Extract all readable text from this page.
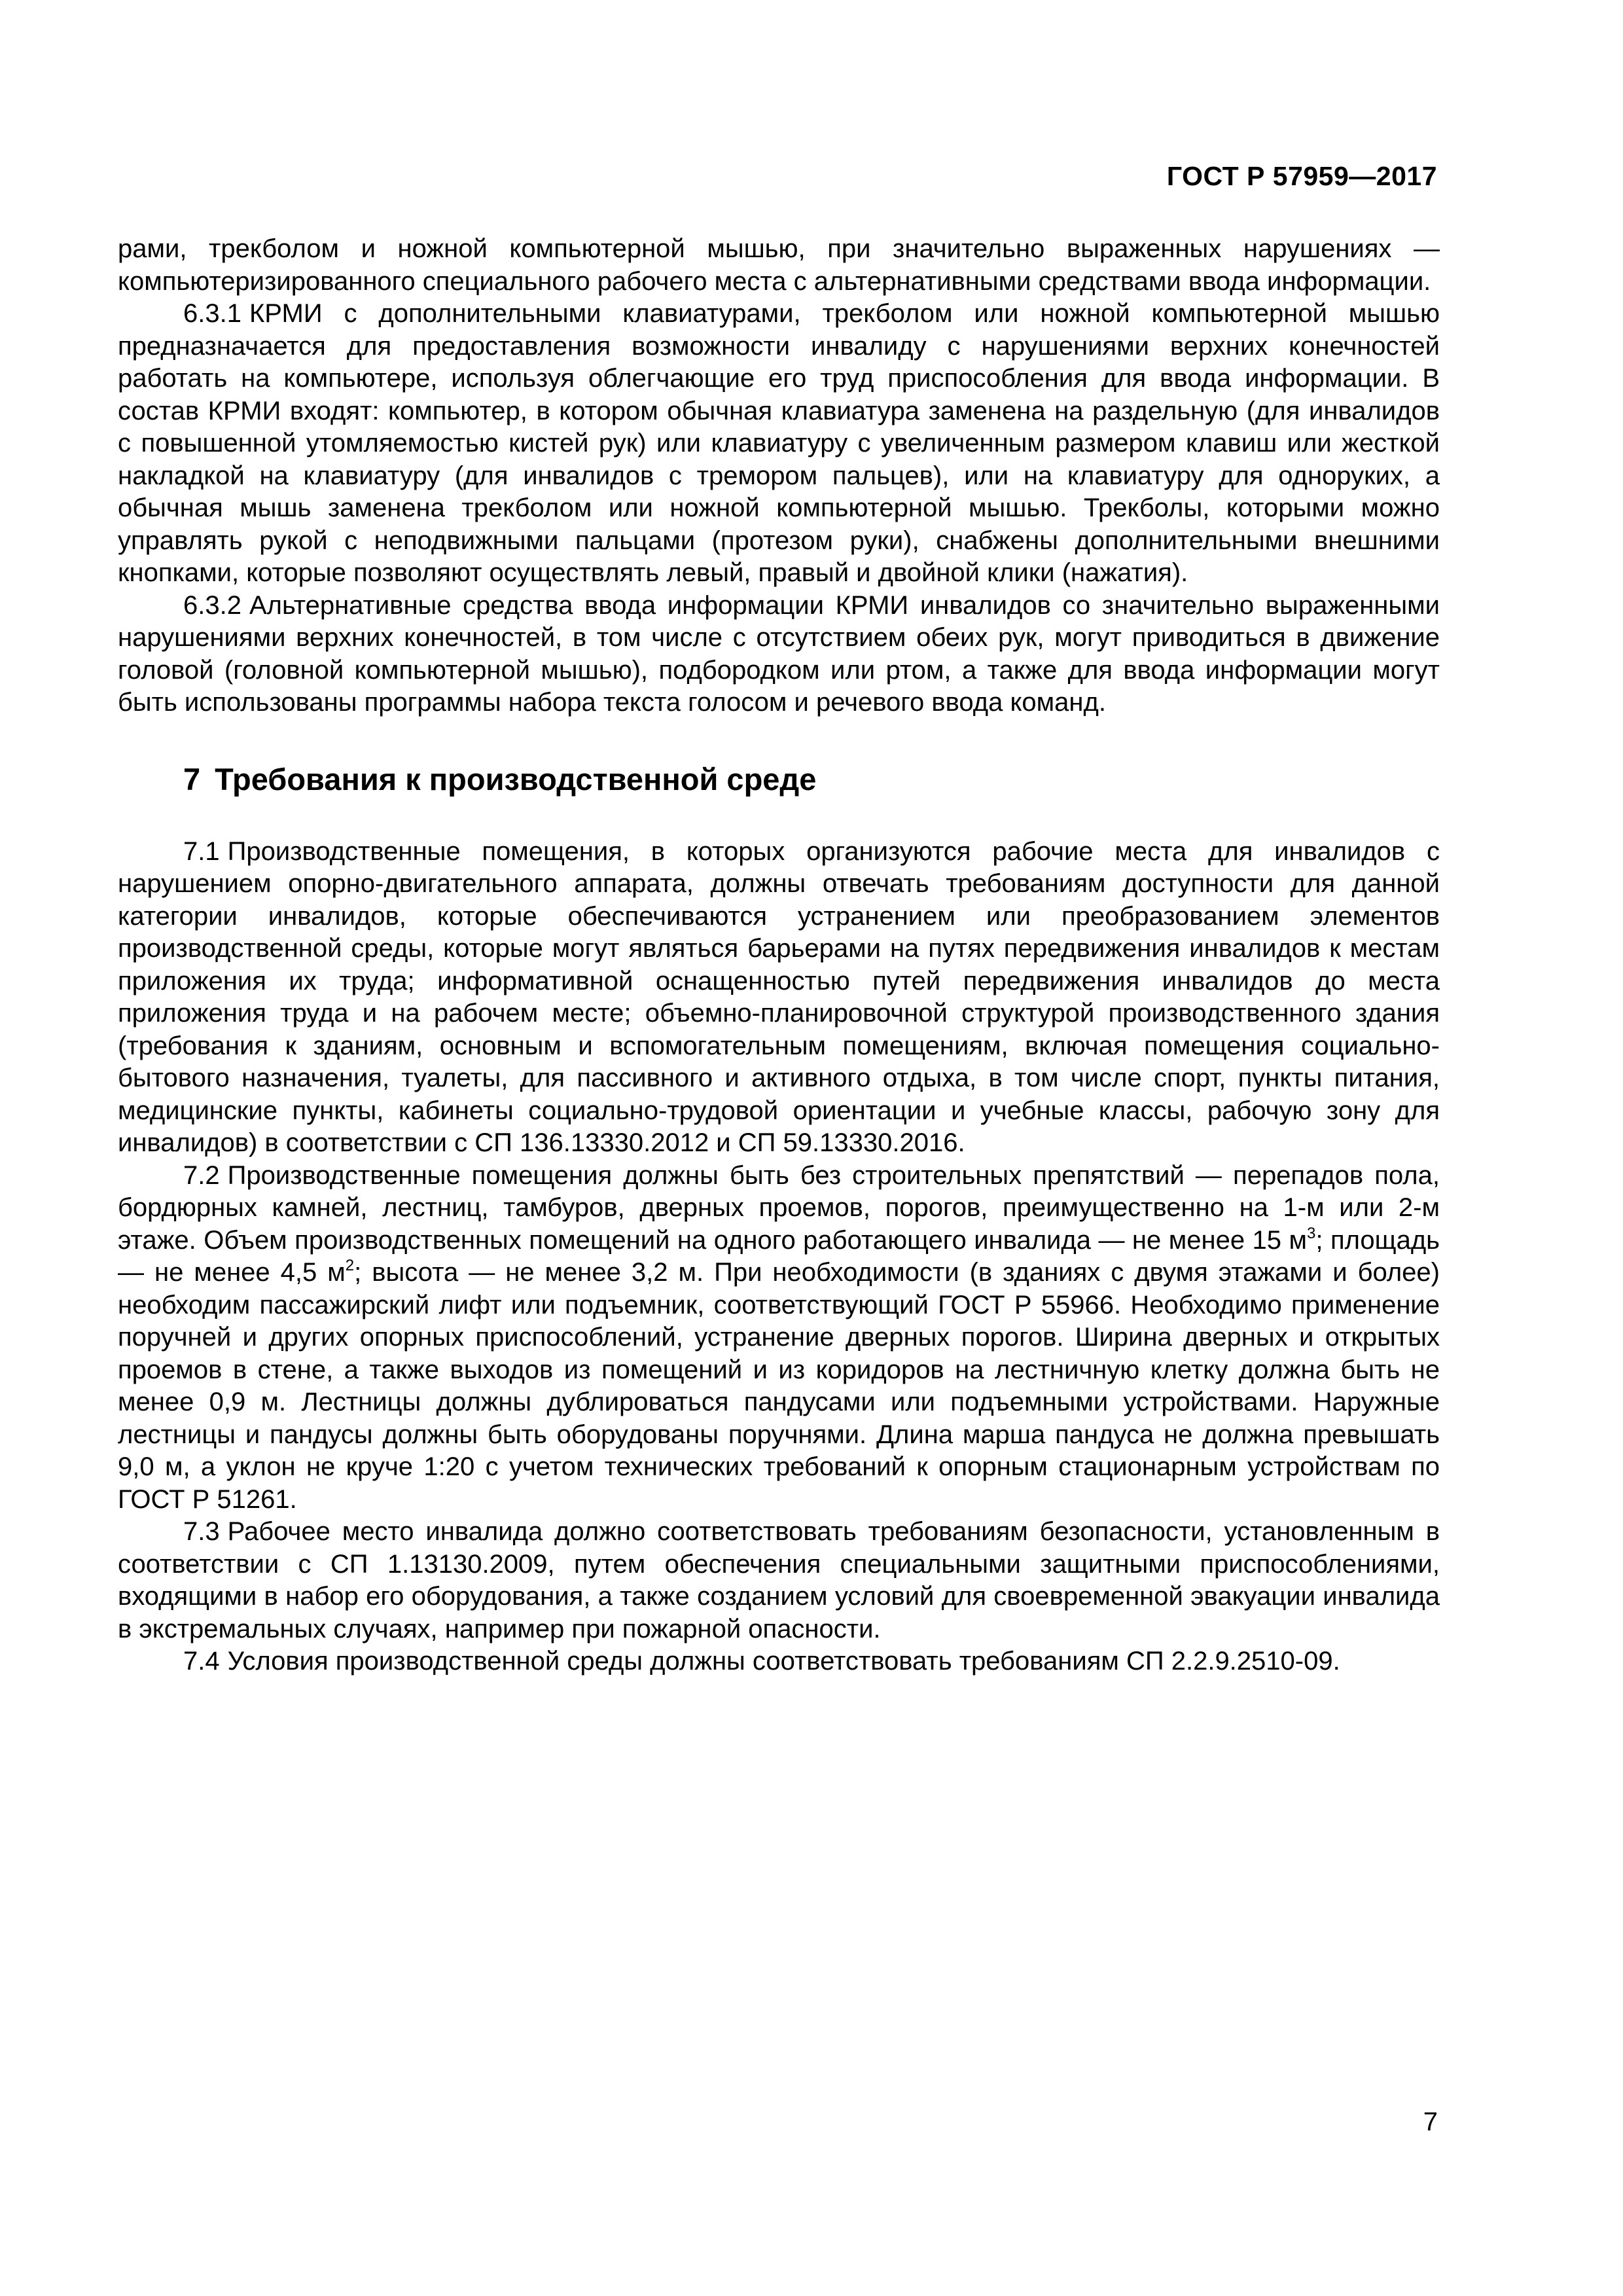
ГОСТ Р 57959—2017

рами, трекболом и ножной компьютерной мышью, при значительно выраженных нарушениях — компьютеризированного специального рабочего места с альтернативными средствами ввода информации.

6.3.1 КРМИ с дополнительными клавиатурами, трекболом или ножной компьютерной мышью предназначается для предоставления возможности инвалиду с нарушениями верхних конечностей работать на компьютере, используя облегчающие его труд приспособления для ввода информации. В состав КРМИ входят: компьютер, в котором обычная клавиатура заменена на раздельную (для инвалидов с повышенной утомляемостью кистей рук) или клавиатуру с увеличенным размером клавиш или жесткой накладкой на клавиатуру (для инвалидов с тремором пальцев), или на клавиатуру для одноруких, а обычная мышь заменена трекболом или ножной компьютерной мышью. Трекболы, которыми можно управлять рукой с неподвижными пальцами (протезом руки), снабжены дополнительными внешними кнопками, которые позволяют осуществлять левый, правый и двойной клики (нажатия).

6.3.2 Альтернативные средства ввода информации КРМИ инвалидов со значительно выраженными нарушениями верхних конечностей, в том числе с отсутствием обеих рук, могут приводиться в движение головой (головной компьютерной мышью), подбородком или ртом, а также для ввода информации могут быть использованы программы набора текста голосом и речевого ввода команд.

7 Требования к производственной среде

7.1 Производственные помещения, в которых организуются рабочие места для инвалидов с нарушением опорно-двигательного аппарата, должны отвечать требованиям доступности для данной категории инвалидов, которые обеспечиваются устранением или преобразованием элементов производственной среды, которые могут являться барьерами на путях передвижения инвалидов к местам приложения их труда; информативной оснащенностью путей передвижения инвалидов до места приложения труда и на рабочем месте; объемно-планировочной структурой производственного здания (требования к зданиям, основным и вспомогательным помещениям, включая помещения социально-бытового назначения, туалеты, для пассивного и активного отдыха, в том числе спорт, пункты питания, медицинские пункты, кабинеты социально-трудовой ориентации и учебные классы, рабочую зону для инвалидов) в соответствии с СП 136.13330.2012 и СП 59.13330.2016.

7.2 Производственные помещения должны быть без строительных препятствий — перепадов пола, бордюрных камней, лестниц, тамбуров, дверных проемов, порогов, преимущественно на 1-м или 2-м этаже. Объем производственных помещений на одного работающего инвалида — не менее 15 $м^3$; площадь — не менее 4,5 $м^2$; высота — не менее 3,2 м. При необходимости (в зданиях с двумя этажами и более) необходим пассажирский лифт или подъемник, соответствующий ГОСТ Р 55966. Необходимо применение поручней и других опорных приспособлений, устранение дверных порогов. Ширина дверных и открытых проемов в стене, а также выходов из помещений и из коридоров на лестничную клетку должна быть не менее 0,9 м. Лестницы должны дублироваться пандусами или подъемными устройствами. Наружные лестницы и пандусы должны быть оборудованы поручнями. Длина марша пандуса не должна превышать 9,0 м, а уклон не круче 1:20 с учетом технических требований к опорным стационарным устройствам по ГОСТ Р 51261.

7.3 Рабочее место инвалида должно соответствовать требованиям безопасности, установленным в соответствии с СП 1.13130.2009, путем обеспечения специальными защитными приспособлениями, входящими в набор его оборудования, а также созданием условий для своевременной эвакуации инвалида в экстремальных случаях, например при пожарной опасности.

7.4 Условия производственной среды должны соответствовать требованиям СП 2.2.9.2510-09.

7
